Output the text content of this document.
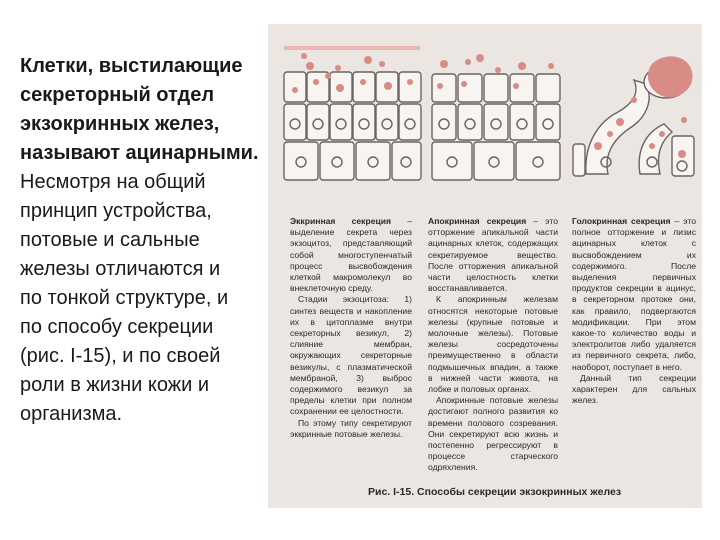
Клетки, выстилающие
секреторный отдел
экзокринных желез,
называют ацинарными.
Несмотря на общий
принцип устройства,
потовые и сальные
железы отличаются и
по тонкой структуре, и
по способу секреции
(рис. I-15), и по своей
роли в жизни кожи и
организма.

Эккринная секреция – выделение секрета через экзоцитоз, представляющий собой многоступенчатый процесс высвобождения клеткой макромолекул во внеклеточную среду.

Стадии экзоцитоза: 1) синтез веществ и накопление их в цитоплазме внутри секреторных везикул, 2) слияние мембран, окружающих секреторные везикулы, с плазматической мембраной, 3) выброс содержимого везикул за пределы клетки при полном сохранении ее целостности.

По этому типу секретируют эккринные потовые железы.

Апокринная секреция – это отторжение апикальной части ацинарных клеток, содержащих секретируемое вещество. После отторжения апикальной части целостность клетки восстанавливается.

К апокринным железам относятся некоторые потовые железы (крупные потовые и молочные железы). Потовые железы сосредоточены преимущественно в области подмышечных впадин, а также в нижней части живота, на лобке и половых органах.

Апокринные потовые железы достигают полного развития ко времени полового созревания. Они секретируют всю жизнь и постепенно регрессируют в процессе старческого одряхления.

Голокринная секреция – это полное отторжение и лизис ацинарных клеток с высвобождением их содержимого. После выделения первичных продуктов секреции в ацинус, в секреторном протоке они, как правило, подвергаются модификации. При этом какое-то количество воды и электролитов либо удаляется из первичного секрета, либо, наоборот, поступает в него.

Данный тип секреции характерен для сальных желез.

Рис. I-15. Способы секреции экзокринных желез
